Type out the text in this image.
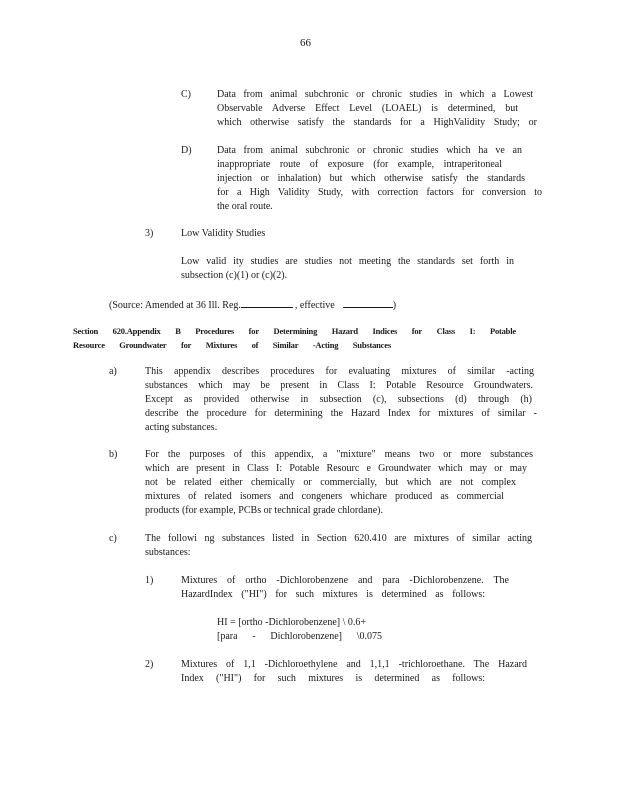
66
C)	Data from animal subchronic or chronic studies in which a Lowest
Observable Adverse Effect Level (LOAEL) is determined, but
which otherwise satisfy the standards for a HighValidity Study; or
D)	Data from animal subchronic or chronic studies which ha ve an
inappropriate route of exposure (for example, intraperitoneal
injection or inhalation) but which otherwise satisfy the standards
for a High Validity Study, with correction factors for conversion to
the oral route.
3)	Low Validity Studies
Low valid ity studies are studies not meeting the standards set forth in
subsection (c)(1) or (c)(2).
(Source: Amended at 36 Ill. Reg.	, effective	)
Section 620.Appendix B Procedures for Determining Hazard Indices for Class I: Potable
Resource Groundwater for Mixtures of Similar -Acting Substances
a)	This appendix describes procedures for evaluating mixtures of similar -acting
substances which may be present in Class I: Potable Resource Groundwaters.
Except as provided otherwise in subsection (c), subsections (d) through (h)
describe the procedure for determining the Hazard Index for mixtures of similar -
acting substances.
b)	For the purposes of this appendix, a "mixture" means two or more substances
which are present in Class I: Potable Resourc e Groundwater which may or may
not be related either chemically or commercially, but which are not complex
mixtures of related isomers and congeners whichare produced as commercial
products (for example, PCBs or technical grade chlordane).
c)	The followi ng substances listed in Section 620.410 are mixtures of similar acting
substances:
1)	Mixtures of ortho -Dichlorobenzene and para -Dichlorobenzene. The
HazardIndex ("HI") for such mixtures is determined as follows:
HI = [ortho -Dichlorobenzene] \ 0.6+
[para - Dichlorobenzene] \0.075
2)	Mixtures of 1,1 -Dichloroethylene and 1,1,1 -trichloroethane. The Hazard
Index ("HI") for such mixtures is determined as follows:
